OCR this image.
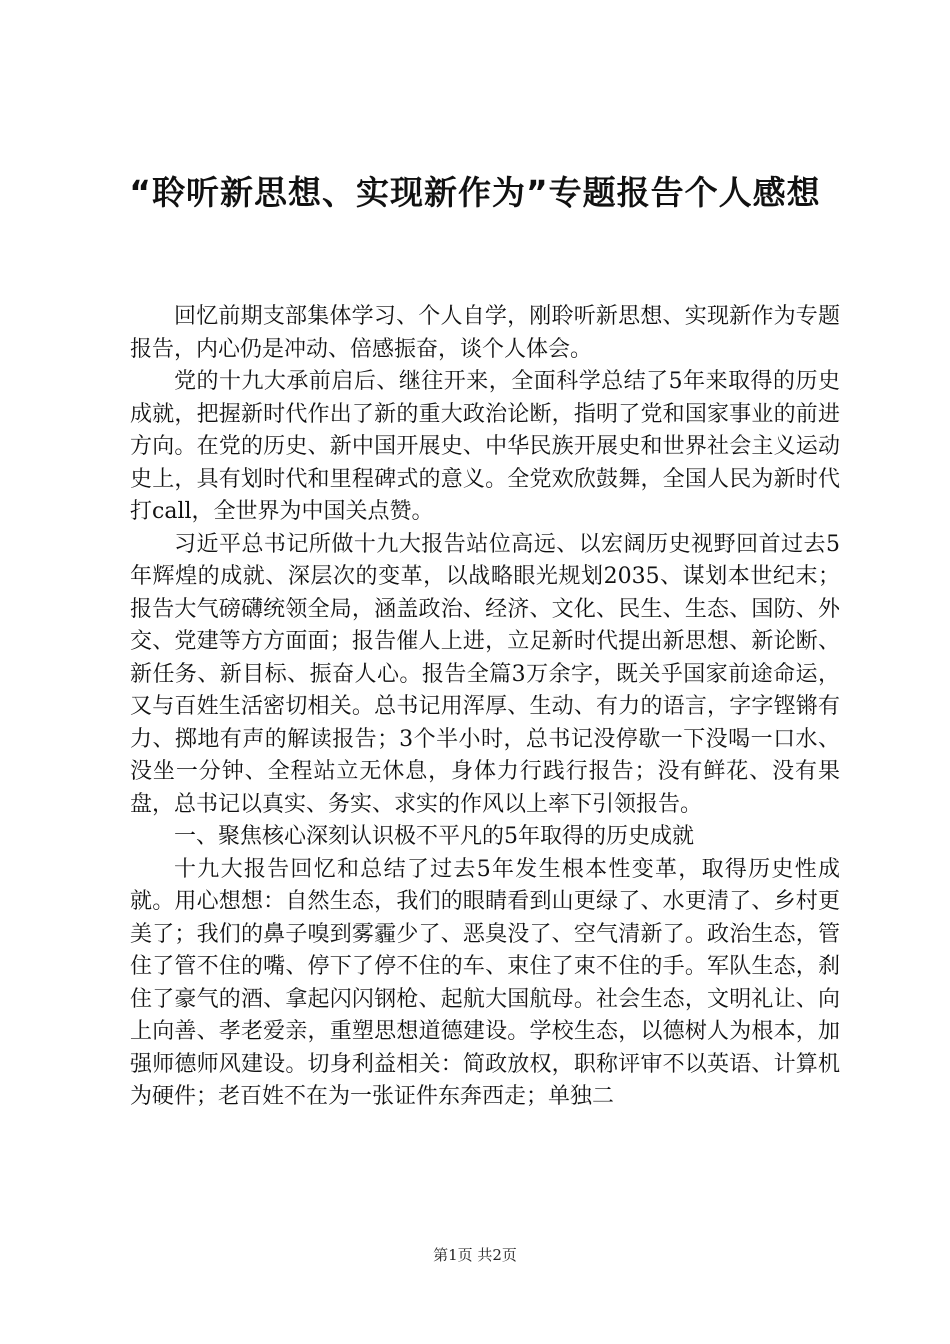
“聆听新思想、实现新作为”专题报告个人感想

回忆前期支部集体学习、个人自学，刚聆听新思想、实现新作为专题报告，内心仍是冲动、倍感振奋，谈个人体会。

党的十九大承前启后、继往开来，全面科学总结了5年来取得的历史成就，把握新时代作出了新的重大政治论断，指明了党和国家事业的前进方向。在党的历史、新中国开展史、中华民族开展史和世界社会主义运动史上，具有划时代和里程碑式的意义。全党欢欣鼓舞，全国人民为新时代打call，全世界为中国关点赞。

习近平总书记所做十九大报告站位高远、以宏阔历史视野回首过去5年辉煌的成就、深层次的变革，以战略眼光规划2035、谋划本世纪末；报告大气磅礴统领全局，涵盖政治、经济、文化、民生、生态、国防、外交、党建等方方面面；报告催人上进，立足新时代提出新思想、新论断、新任务、新目标、振奋人心。报告全篇3万余字，既关乎国家前途命运，又与百姓生活密切相关。总书记用浑厚、生动、有力的语言，字字铿锵有力、掷地有声的解读报告；3个半小时，总书记没停歇一下没喝一口水、没坐一分钟、全程站立无休息，身体力行践行报告；没有鲜花、没有果盘，总书记以真实、务实、求实的作风以上率下引领报告。

一、聚焦核心深刻认识极不平凡的5年取得的历史成就

十九大报告回忆和总结了过去5年发生根本性变革，取得历史性成就。用心想想：自然生态，我们的眼睛看到山更绿了、水更清了、乡村更美了；我们的鼻子嗅到雾霾少了、恶臭没了、空气清新了。政治生态，管住了管不住的嘴、停下了停不住的车、束住了束不住的手。军队生态，刹住了豪气的酒、拿起闪闪钢枪、起航大国航母。社会生态，文明礼让、向上向善、孝老爱亲，重塑思想道德建设。学校生态，以德树人为根本，加强师德师风建设。切身利益相关：简政放权，职称评审不以英语、计算机为硬件；老百姓不在为一张证件东奔西走；单独二

第1页 共2页
